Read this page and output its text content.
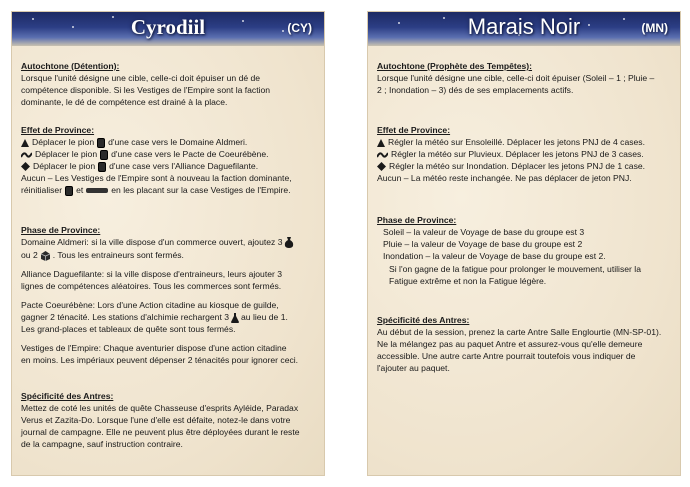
Cyrodiil	(CY)
Autochtone (Détention):
Lorsque l'unité désigne une cible, celle-ci doit épuiser un dé de
compétence disponible. Si les Vestiges de l'Empire sont la faction
dominante, le dé de compétence est drainé à la place.
Effet de Province:
Déplacer le pion d'une case vers le Domaine Aldmeri.
Déplacer le pion d'une case vers le Pacte de Coeurébène.
Déplacer le pion d'une case vers l'Alliance Daguefilante.
Aucun – Les Vestiges de l'Empire sont à nouveau la faction dominante,
réinitialiser et	en les placant sur la case Vestiges de l'Empire.
Phase de Province:
Domaine Aldmeri: si la ville dispose d'un commerce ouvert, ajoutez 3
ou 2 . Tous les entraineurs sont fermés.
Alliance Daguefilante: si la ville dispose d'entraineurs, leurs ajouter 3
lignes de compétences aléatoires. Tous les commerces sont fermés.
Pacte Coeurébène: Lors d'une Action citadine au kiosque de guilde,
gagner 2 ténacité. Les stations d'alchimie rechargent 3 au lieu de 1.
Les grand-places et tableaux de quête sont tous fermés.
Vestiges de l'Empire: Chaque aventurier dispose d'une action citadine
en moins. Les impériaux peuvent dépenser 2 ténacités pour ignorer ceci.
Spécificité des Antres:
Mettez de coté les unités de quête Chasseuse d'esprits Ayléide, Paradax
Verus et Zazita-Do. Lorsque l'une d'elle est défaite, notez-le dans votre
journal de campagne. Elle ne peuvent plus être déployées durant le reste
de la campagne, sauf instruction contraire.
Marais Noir	(MN)
Autochtone (Prophète des Tempêtes):
Lorsque l'unité désigne une cible, celle-ci doit épuiser (Soleil – 1 ; Pluie –
2 ; Inondation – 3) dés de ses emplacements actifs.
Effet de Province:
Régler la météo sur Ensoleillé. Déplacer les jetons PNJ de 4 cases.
Régler la météo sur Pluvieux. Déplacer les jetons PNJ de 3 cases.
Régler la météo sur Inondation. Déplacer les jetons PNJ de 1 case.
Aucun – La météo reste inchangée. Ne pas déplacer de jeton PNJ.
Phase de Province:
Soleil – la valeur de Voyage de base du groupe est 3
Pluie – la valeur de Voyage de base du groupe est 2
Inondation – la valeur de Voyage de base du groupe est 2.
Si l'on gagne de la fatigue pour prolonger le mouvement, utiliser la
Fatigue extrême et non la Fatigue légère.
Spécificité des Antres:
Au début de la session, prenez la carte Antre Salle Englourtie (MN-SP-01).
Ne la mélangez pas au paquet Antre et assurez-vous qu'elle demeure
accessible. Une autre carte Antre pourrait toutefois vous indiquer de
l'ajouter au paquet.
